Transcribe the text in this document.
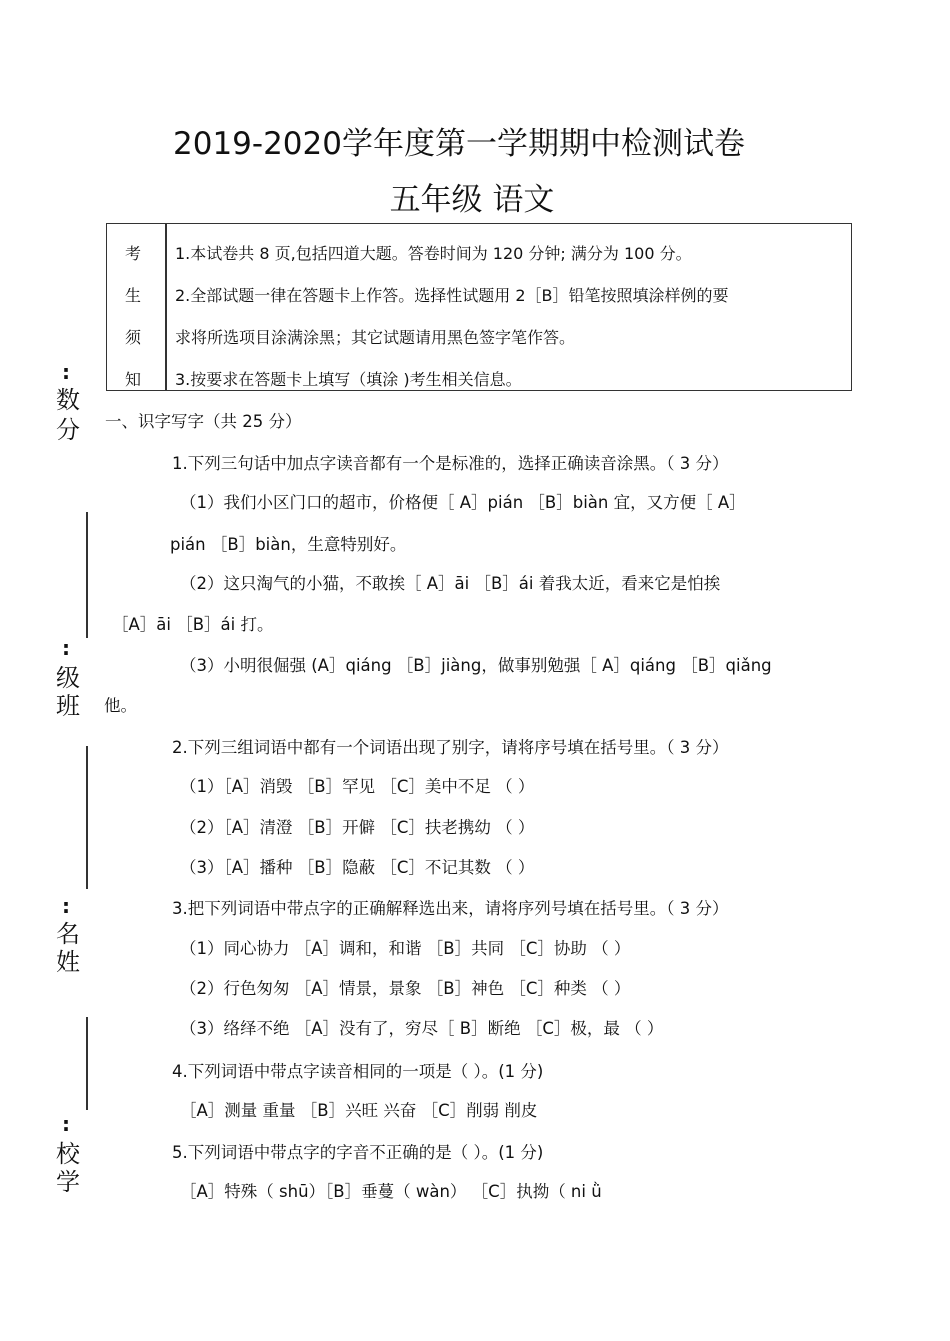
2019-2020学年度第一学期期中检测试卷
五年级 语文
考
生
须
知
1.本试卷共 8 页,包括四道大题。答卷时间为 120 分钟; 满分为 100 分。
2.全部试题一律在答题卡上作答。选择性试题用 2［B］铅笔按照填涂样例的要
求将所选项目涂满涂黑；其它试题请用黑色签字笔作答。
3.按要求在答题卡上填写（填涂 )考生相关信息。
:
数
分
:
级
班
:
名
姓
:
校
学
一、识字写字（共 25 分）
1.下列三句话中加点字读音都有一个是标准的，选择正确读音涂黑。（ 3 分）
（1）我们小区门口的超市，价格便［ A］pián ［B］biàn 宜，又方便［ A］
pián ［B］biàn，生意特别好。
（2）这只淘气的小猫，不敢挨［ A］āi ［B］ái 着我太近，看来它是怕挨
［A］āi ［B］ái 打。
（3）小明很倔强 (A］qiáng ［B］jiàng，做事别勉强［ A］qiáng ［B］qiǎng
他。
2.下列三组词语中都有一个词语出现了别字，请将序号填在括号里。（ 3 分）
（1）［A］消毁 ［B］罕见 ［C］美中不足 （ ）
（2）［A］清澄 ［B］开僻 ［C］扶老携幼 （ ）
（3）［A］播种 ［B］隐蔽 ［C］不记其数 （ ）
3.把下列词语中带点字的正确解释选出来，请将序列号填在括号里。（ 3 分）
（1）同心协力 ［A］调和，和谐 ［B］共同 ［C］协助 （ ）
（2）行色匆匆 ［A］情景，景象 ［B］神色 ［C］种类 （ ）
（3）络绎不绝 ［A］没有了，穷尽［ B］断绝 ［C］极，最 （ ）
4.下列词语中带点字读音相同的一项是（ ）。(1 分)
［A］测量 重量 ［B］兴旺 兴奋 ［C］削弱 削皮
5.下列词语中带点字的字音不正确的是（ ）。(1 分)
［A］特殊（ shū）［B］垂蔓（ wàn） ［C］执拗（ ni ǜ
